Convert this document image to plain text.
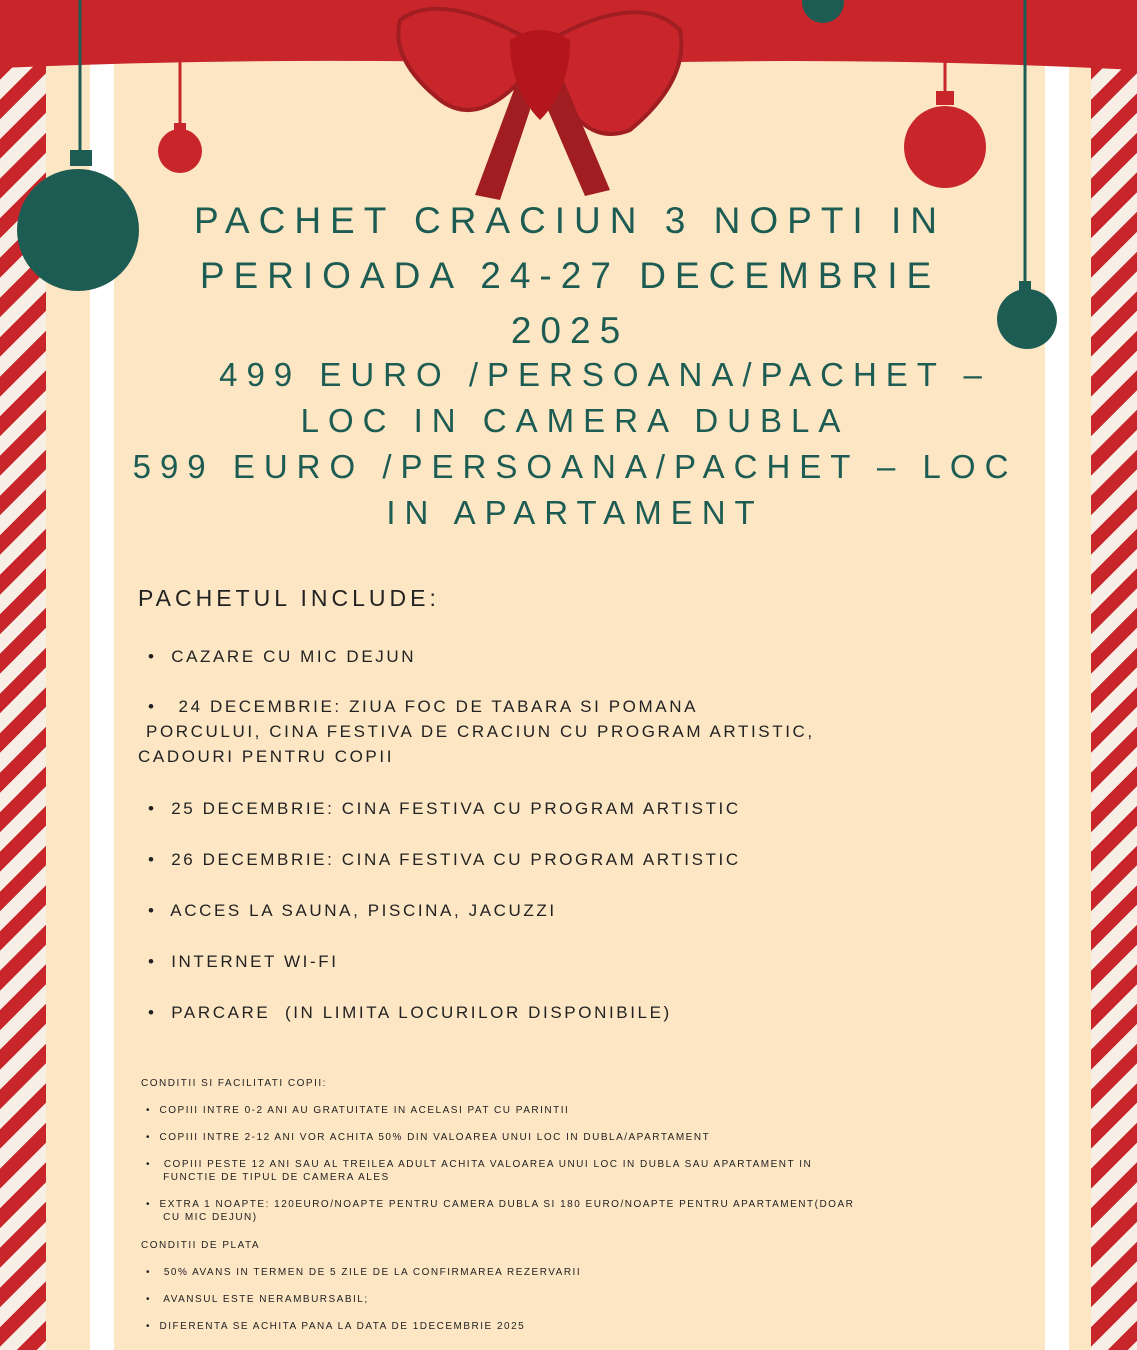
PACHET CRACIUN 3 NOPTI IN
PERIOADA 24-27 DECEMBRIE
2025
499 EURO /PERSOANA/PACHET –
LOC IN CAMERA DUBLA
599 EURO /PERSOANA/PACHET – LOC
IN APARTAMENT
PACHETUL INCLUDE:
•  CAZARE CU MIC DEJUN
•   24 DECEMBRIE: ZIUA FOC DE TABARA SI POMANA
PORCULUI, CINA FESTIVA DE CRACIUN CU PROGRAM ARTISTIC,
CADOURI PENTRU COPII
•  25 DECEMBRIE: CINA FESTIVA CU PROGRAM ARTISTIC
•  26 DECEMBRIE: CINA FESTIVA CU PROGRAM ARTISTIC
•  ACCES LA SAUNA, PISCINA, JACUZZI
•  INTERNET WI-FI
•  PARCARE  (IN LIMITA LOCURILOR DISPONIBILE)
CONDITII SI FACILITATI COPII:
•  COPIII INTRE 0-2 ANI AU GRATUITATE IN ACELASI PAT CU PARINTII
•  COPIII INTRE 2-12 ANI VOR ACHITA 50% DIN VALOAREA UNUI LOC IN DUBLA/APARTAMENT
•   COPIII PESTE 12 ANI SAU AL TREILEA ADULT ACHITA VALOAREA UNUI LOC IN DUBLA SAU APARTAMENT IN
FUNCTIE DE TIPUL DE CAMERA ALES
•  EXTRA 1 NOAPTE: 120EURO/NOAPTE PENTRU CAMERA DUBLA SI 180 EURO/NOAPTE PENTRU APARTAMENT(DOAR
CU MIC DEJUN)
CONDITII DE PLATA
•   50% AVANS IN TERMEN DE 5 ZILE DE LA CONFIRMAREA REZERVARII
•   AVANSUL ESTE NERAMBURSABIL;
•  DIFERENTA SE ACHITA PANA LA DATA DE 1DECEMBRIE 2025
